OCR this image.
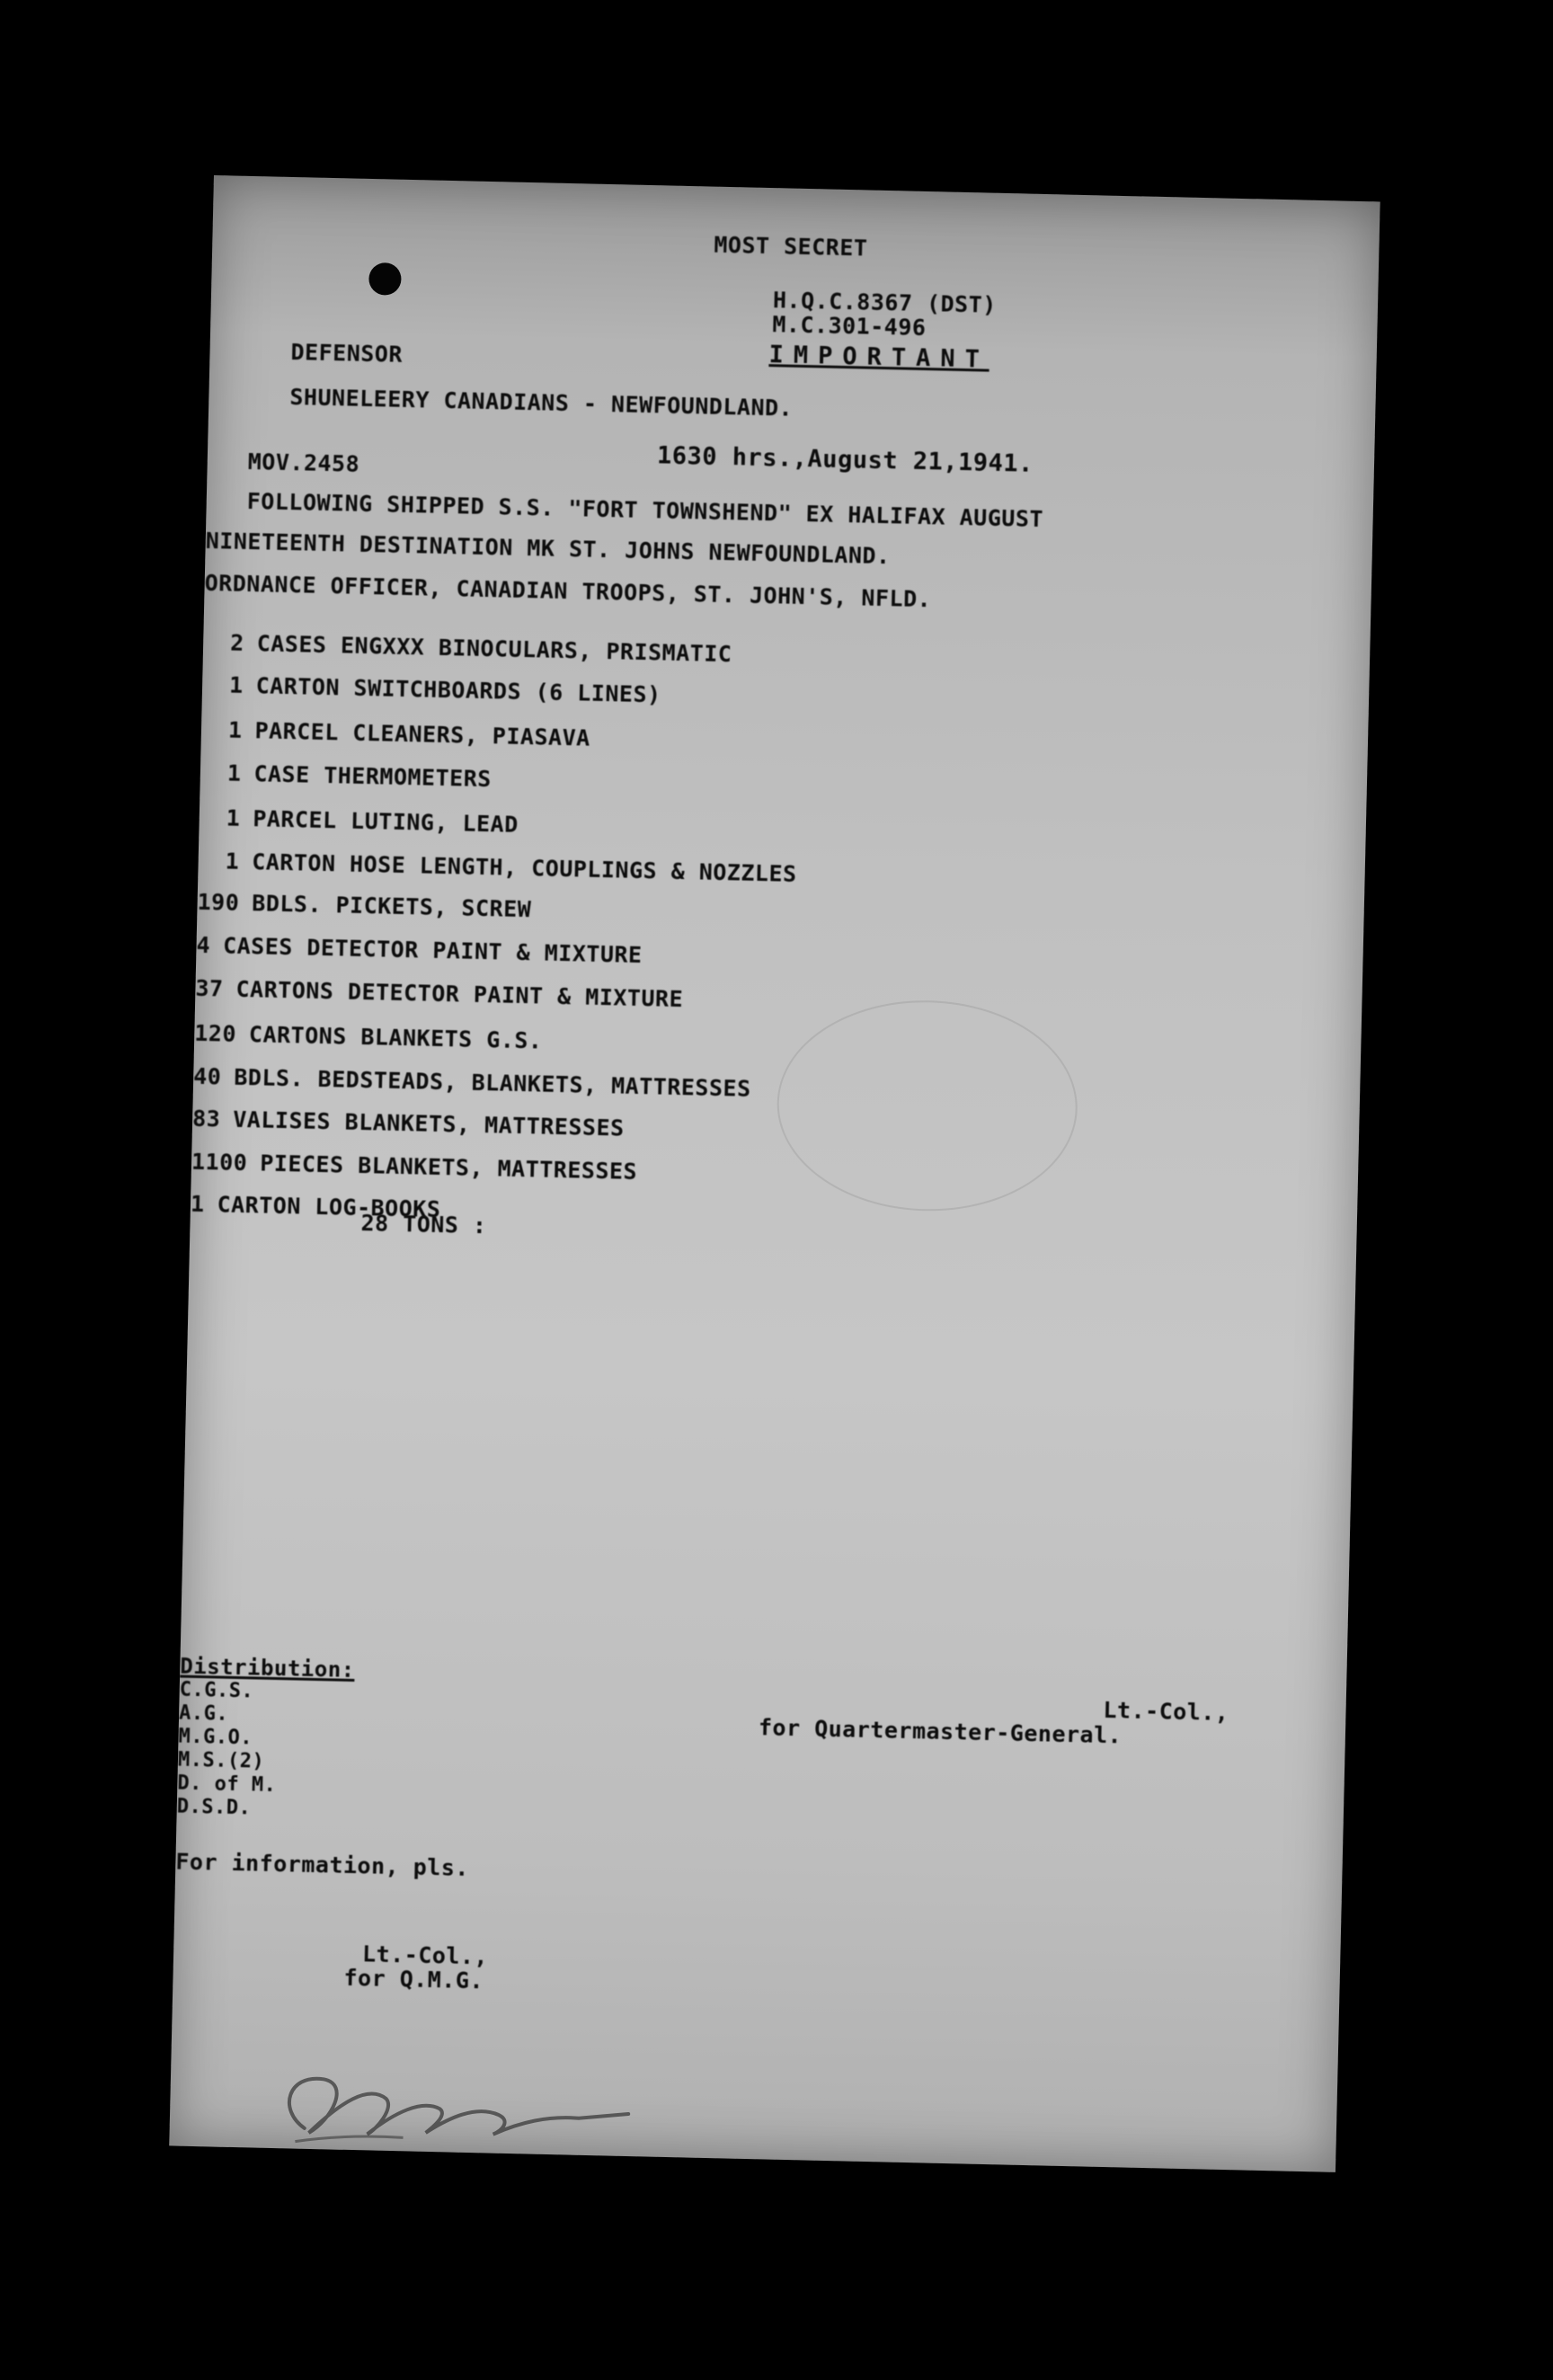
MOST SECRET
H.Q.C.8367 (DST)
M.C.301-496
IMPORTANT
DEFENSOR
SHUNELEERY CANADIANS - NEWFOUNDLAND.
1630 hrs.,August 21,1941.
MOV.2458
FOLLOWING SHIPPED S.S. "FORT TOWNSHEND" EX HALIFAX AUGUST
NINETEENTH DESTINATION MK ST. JOHNS NEWFOUNDLAND.
ORDNANCE OFFICER, CANADIAN TROOPS, ST. JOHN'S, NFLD.
2 CASES ENGXXX BINOCULARS, PRISMATIC
1 CARTON SWITCHBOARDS (6 LINES)
1 PARCEL CLEANERS, PIASAVA
1 CASE THERMOMETERS
1 PARCEL LUTING, LEAD
1 CARTON HOSE LENGTH, COUPLINGS & NOZZLES
190 BDLS. PICKETS, SCREW
4 CASES DETECTOR PAINT & MIXTURE
37 CARTONS DETECTOR PAINT & MIXTURE
120 CARTONS BLANKETS G.S.
40 BDLS. BEDSTEADS, BLANKETS, MATTRESSES
83 VALISES BLANKETS, MATTRESSES
1100 PIECES BLANKETS, MATTRESSES
1 CARTON LOG-BOOKS
28 TONS :
Distribution:
C.G.S.
A.G.
M.G.O.
M.S.(2)
D. of M.
D.S.D.
Lt.-Col.,
for Quartermaster-General.
For information, pls.
Lt.-Col.,
for Q.M.G.
